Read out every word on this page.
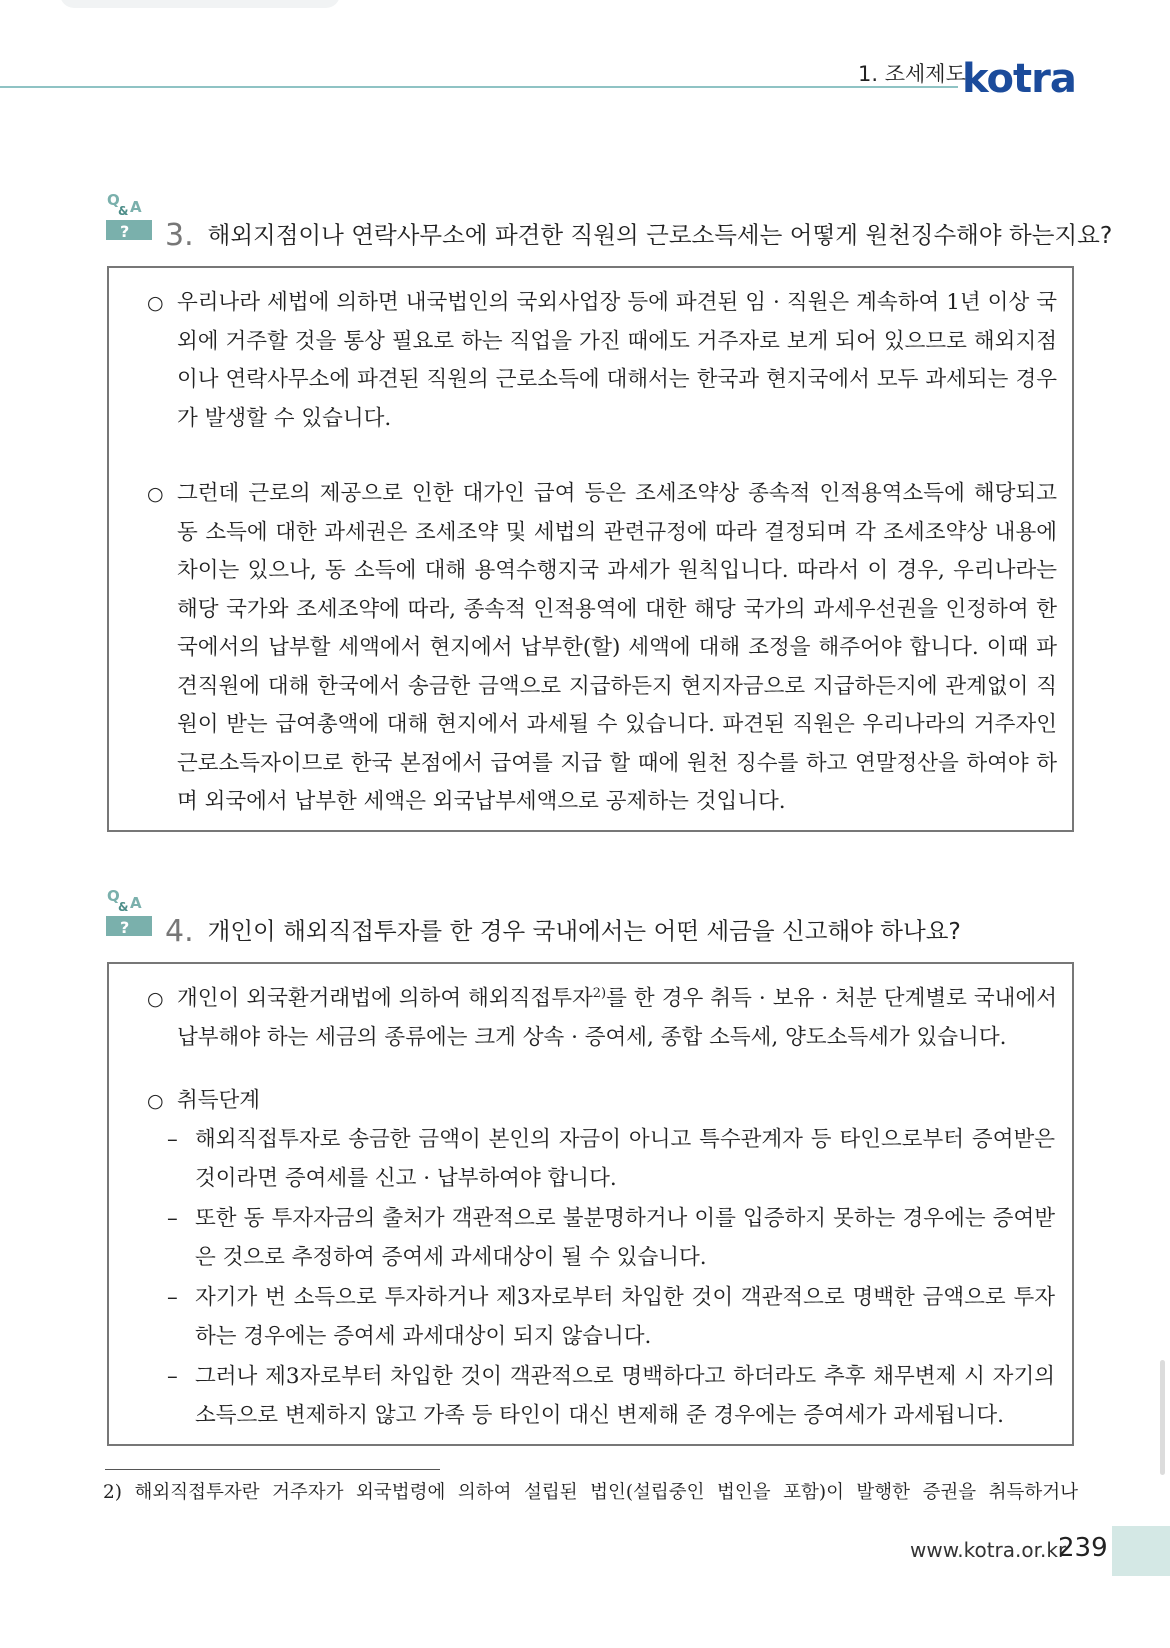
1. 조세제도
kotra
Q
& A
? 3. 해외지점이나 연락사무소에 파견한 직원의 근로소득세는 어떻게 원천징수해야 하는지요?
○ 우리나라 세법에 의하면 내국법인의 국외사업장 등에 파견된 임 · 직원은 계속하여 1년 이상 국외에 거주할 것을 통상 필요로 하는 직업을 가진 때에도 거주자로 보게 되어 있으므로 해외지점이나 연락사무소에 파견된 직원의 근로소득에 대해서는 한국과 현지국에서 모두 과세되는 경우가 발생할 수 있습니다.
○ 그런데 근로의 제공으로 인한 대가인 급여 등은 조세조약상 종속적 인적용역소득에 해당되고 동 소득에 대한 과세권은 조세조약 및 세법의 관련규정에 따라 결정되며 각 조세조약상 내용에 차이는 있으나, 동 소득에 대해 용역수행지국 과세가 원칙입니다. 따라서 이 경우, 우리나라는 해당 국가와 조세조약에 따라, 종속적 인적용역에 대한 해당 국가의 과세우선권을 인정하여 한국에서의 납부할 세액에서 현지에서 납부한(할) 세액에 대해 조정을 해주어야 합니다. 이때 파견직원에 대해 한국에서 송금한 금액으로 지급하든지 현지자금으로 지급하든지에 관계없이 직원이 받는 급여총액에 대해 현지에서 과세될 수 있습니다. 파견된 직원은 우리나라의 거주자인 근로소득자이므로 한국 본점에서 급여를 지급 할 때에 원천 징수를 하고 연말정산을 하여야 하며 외국에서 납부한 세액은 외국납부세액으로 공제하는 것입니다.
Q
& A
? 4. 개인이 해외직접투자를 한 경우 국내에서는 어떤 세금을 신고해야 하나요?
○ 개인이 외국환거래법에 의하여 해외직접투자$^{2)}$를 한 경우 취득 · 보유 · 처분 단계별로 국내에서 납부해야 하는 세금의 종류에는 크게 상속 · 증여세, 종합 소득세, 양도소득세가 있습니다.
○ 취득단계
– 해외직접투자로 송금한 금액이 본인의 자금이 아니고 특수관계자 등 타인으로부터 증여받은 것이라면 증여세를 신고 · 납부하여야 합니다.
– 또한 동 투자자금의 출처가 객관적으로 불분명하거나 이를 입증하지 못하는 경우에는 증여받은 것으로 추정하여 증여세 과세대상이 될 수 있습니다.
– 자기가 번 소득으로 투자하거나 제3자로부터 차입한 것이 객관적으로 명백한 금액으로 투자하는 경우에는 증여세 과세대상이 되지 않습니다.
– 그러나 제3자로부터 차입한 것이 객관적으로 명백하다고 하더라도 추후 채무변제 시 자기의 소득으로 변제하지 않고 가족 등 타인이 대신 변제해 준 경우에는 증여세가 과세됩니다.
2) 해외직접투자란 거주자가 외국법령에 의하여 설립된 법인(설립중인 법인을 포함)이 발행한 증권을 취득하거나
www.kotra.or.kr
239
